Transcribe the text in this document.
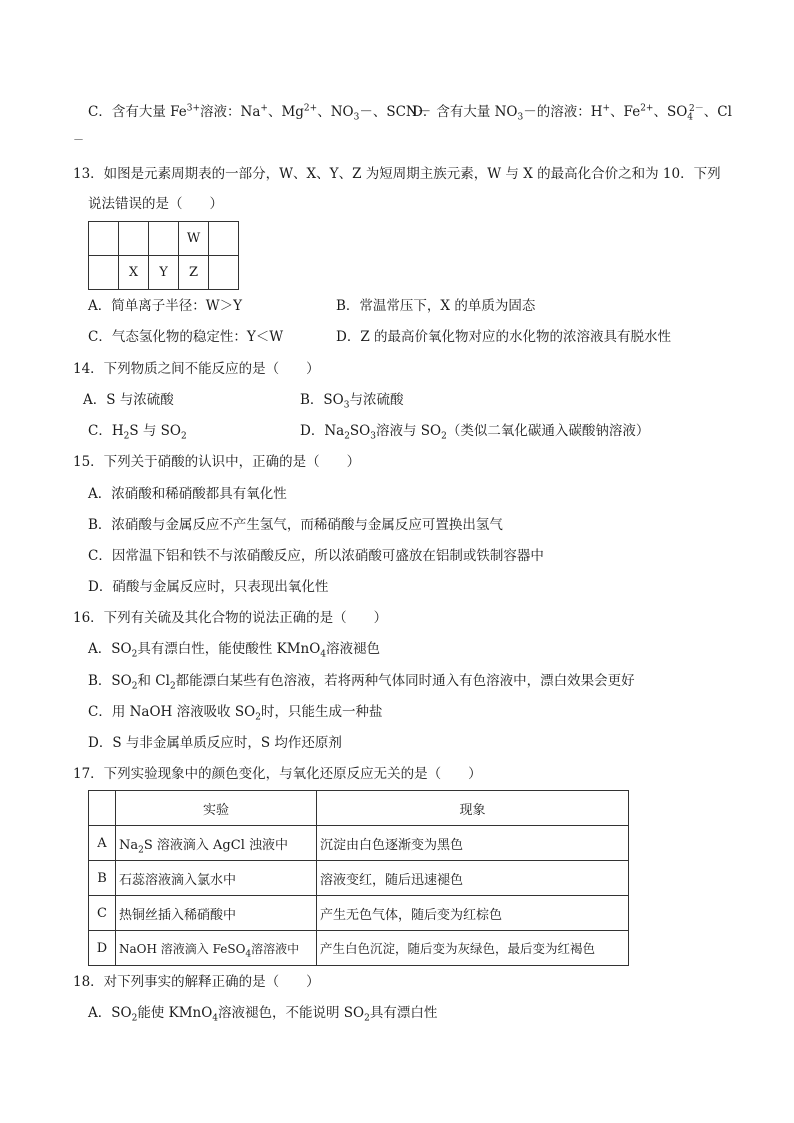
C．含有大量 $Fe^{3+}$溶液：Na+、$Mg^{2+}$、$NO_3-$、SCN－
D．含有大量 $NO_3-$的溶液：H+、$Fe^{2+}$、$SO_4^{2-}$、Cl
－
13．如图是元素周期表的一部分，W、X、Y、Z 为短周期主族元素，W 与 X 的最高化合价之和为 10．下列
说法错误的是（　　）
			W	
	X	Y	Z	
A．简单离子半径：W＞Y	B．常温常压下，X 的单质为固态
C．气态氢化物的稳定性：Y＜W	D．Z 的最高价氧化物对应的水化物的浓溶液具有脱水性
14．下列物质之间不能反应的是（　　）
A．S 与浓硫酸	B．$SO_3$与浓硫酸
C．$H_2S$ 与 $SO_2$	D．$Na_2SO_3$溶液与 $SO_2$（类似二氧化碳通入碳酸钠溶液）
15．下列关于硝酸的认识中，正确的是（　　）
A．浓硝酸和稀硝酸都具有氧化性
B．浓硝酸与金属反应不产生氢气，而稀硝酸与金属反应可置换出氢气
C．因常温下铝和铁不与浓硝酸反应，所以浓硝酸可盛放在铝制或铁制容器中
D．硝酸与金属反应时，只表现出氧化性
16．下列有关硫及其化合物的说法正确的是（　　）
A．$SO_2$具有漂白性，能使酸性 KMnO$_4$溶液褪色
B．$SO_2$和 $Cl_2$都能漂白某些有色溶液，若将两种气体同时通入有色溶液中，漂白效果会更好
C．用 NaOH 溶液吸收 $SO_2$时，只能生成一种盐
D．S 与非金属单质反应时，S 均作还原剂
17．下列实验现象中的颜色变化，与氧化还原反应无关的是（　　）
	实验	现象
A	$Na_2S$ 溶液滴入 AgCl 浊液中	沉淀由白色逐渐变为黑色
B	石蕊溶液滴入氯水中	溶液变红，随后迅速褪色
C	热铜丝插入稀硝酸中	产生无色气体，随后变为红棕色
D	NaOH 溶液滴入 FeSO$_4$溶溶液中	产生白色沉淀，随后变为灰绿色，最后变为红褐色
18．对下列事实的解释正确的是（　　）
A．$SO_2$能使 KMnO$_4$溶液褪色，不能说明 $SO_2$具有漂白性
